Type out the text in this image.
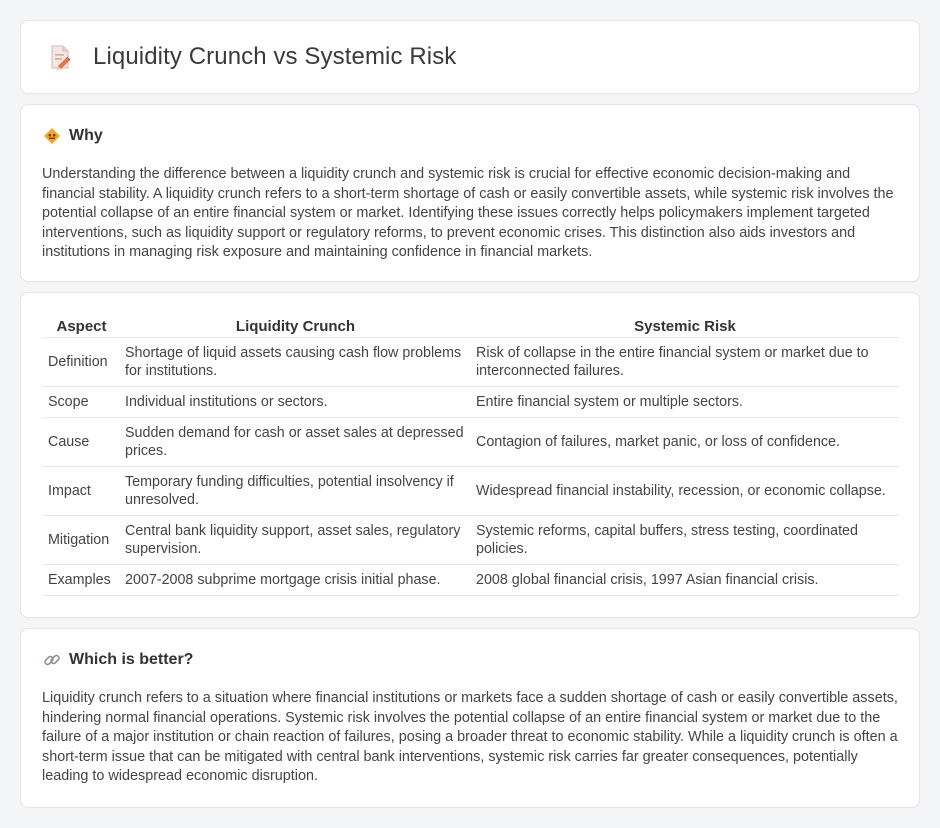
Liquidity Crunch vs Systemic Risk
Why

Understanding the difference between a liquidity crunch and systemic risk is crucial for effective economic decision-making and financial stability. A liquidity crunch refers to a short-term shortage of cash or easily convertible assets, while systemic risk involves the potential collapse of an entire financial system or market. Identifying these issues correctly helps policymakers implement targeted interventions, such as liquidity support or regulatory reforms, to prevent economic crises. This distinction also aids investors and institutions in managing risk exposure and maintaining confidence in financial markets.

Aspect	Liquidity Crunch	Systemic Risk
Definition	Shortage of liquid assets causing cash flow problems for institutions.	Risk of collapse in the entire financial system or market due to interconnected failures.
Scope	Individual institutions or sectors.	Entire financial system or multiple sectors.
Cause	Sudden demand for cash or asset sales at depressed prices.	Contagion of failures, market panic, or loss of confidence.
Impact	Temporary funding difficulties, potential insolvency if unresolved.	Widespread financial instability, recession, or economic collapse.
Mitigation	Central bank liquidity support, asset sales, regulatory supervision.	Systemic reforms, capital buffers, stress testing, coordinated policies.
Examples	2007-2008 subprime mortgage crisis initial phase.	2008 global financial crisis, 1997 Asian financial crisis.
Which is better?

Liquidity crunch refers to a situation where financial institutions or markets face a sudden shortage of cash or easily convertible assets, hindering normal financial operations. Systemic risk involves the potential collapse of an entire financial system or market due to the failure of a major institution or chain reaction of failures, posing a broader threat to economic stability. While a liquidity crunch is often a short-term issue that can be mitigated with central bank interventions, systemic risk carries far greater consequences, potentially leading to widespread economic disruption.
